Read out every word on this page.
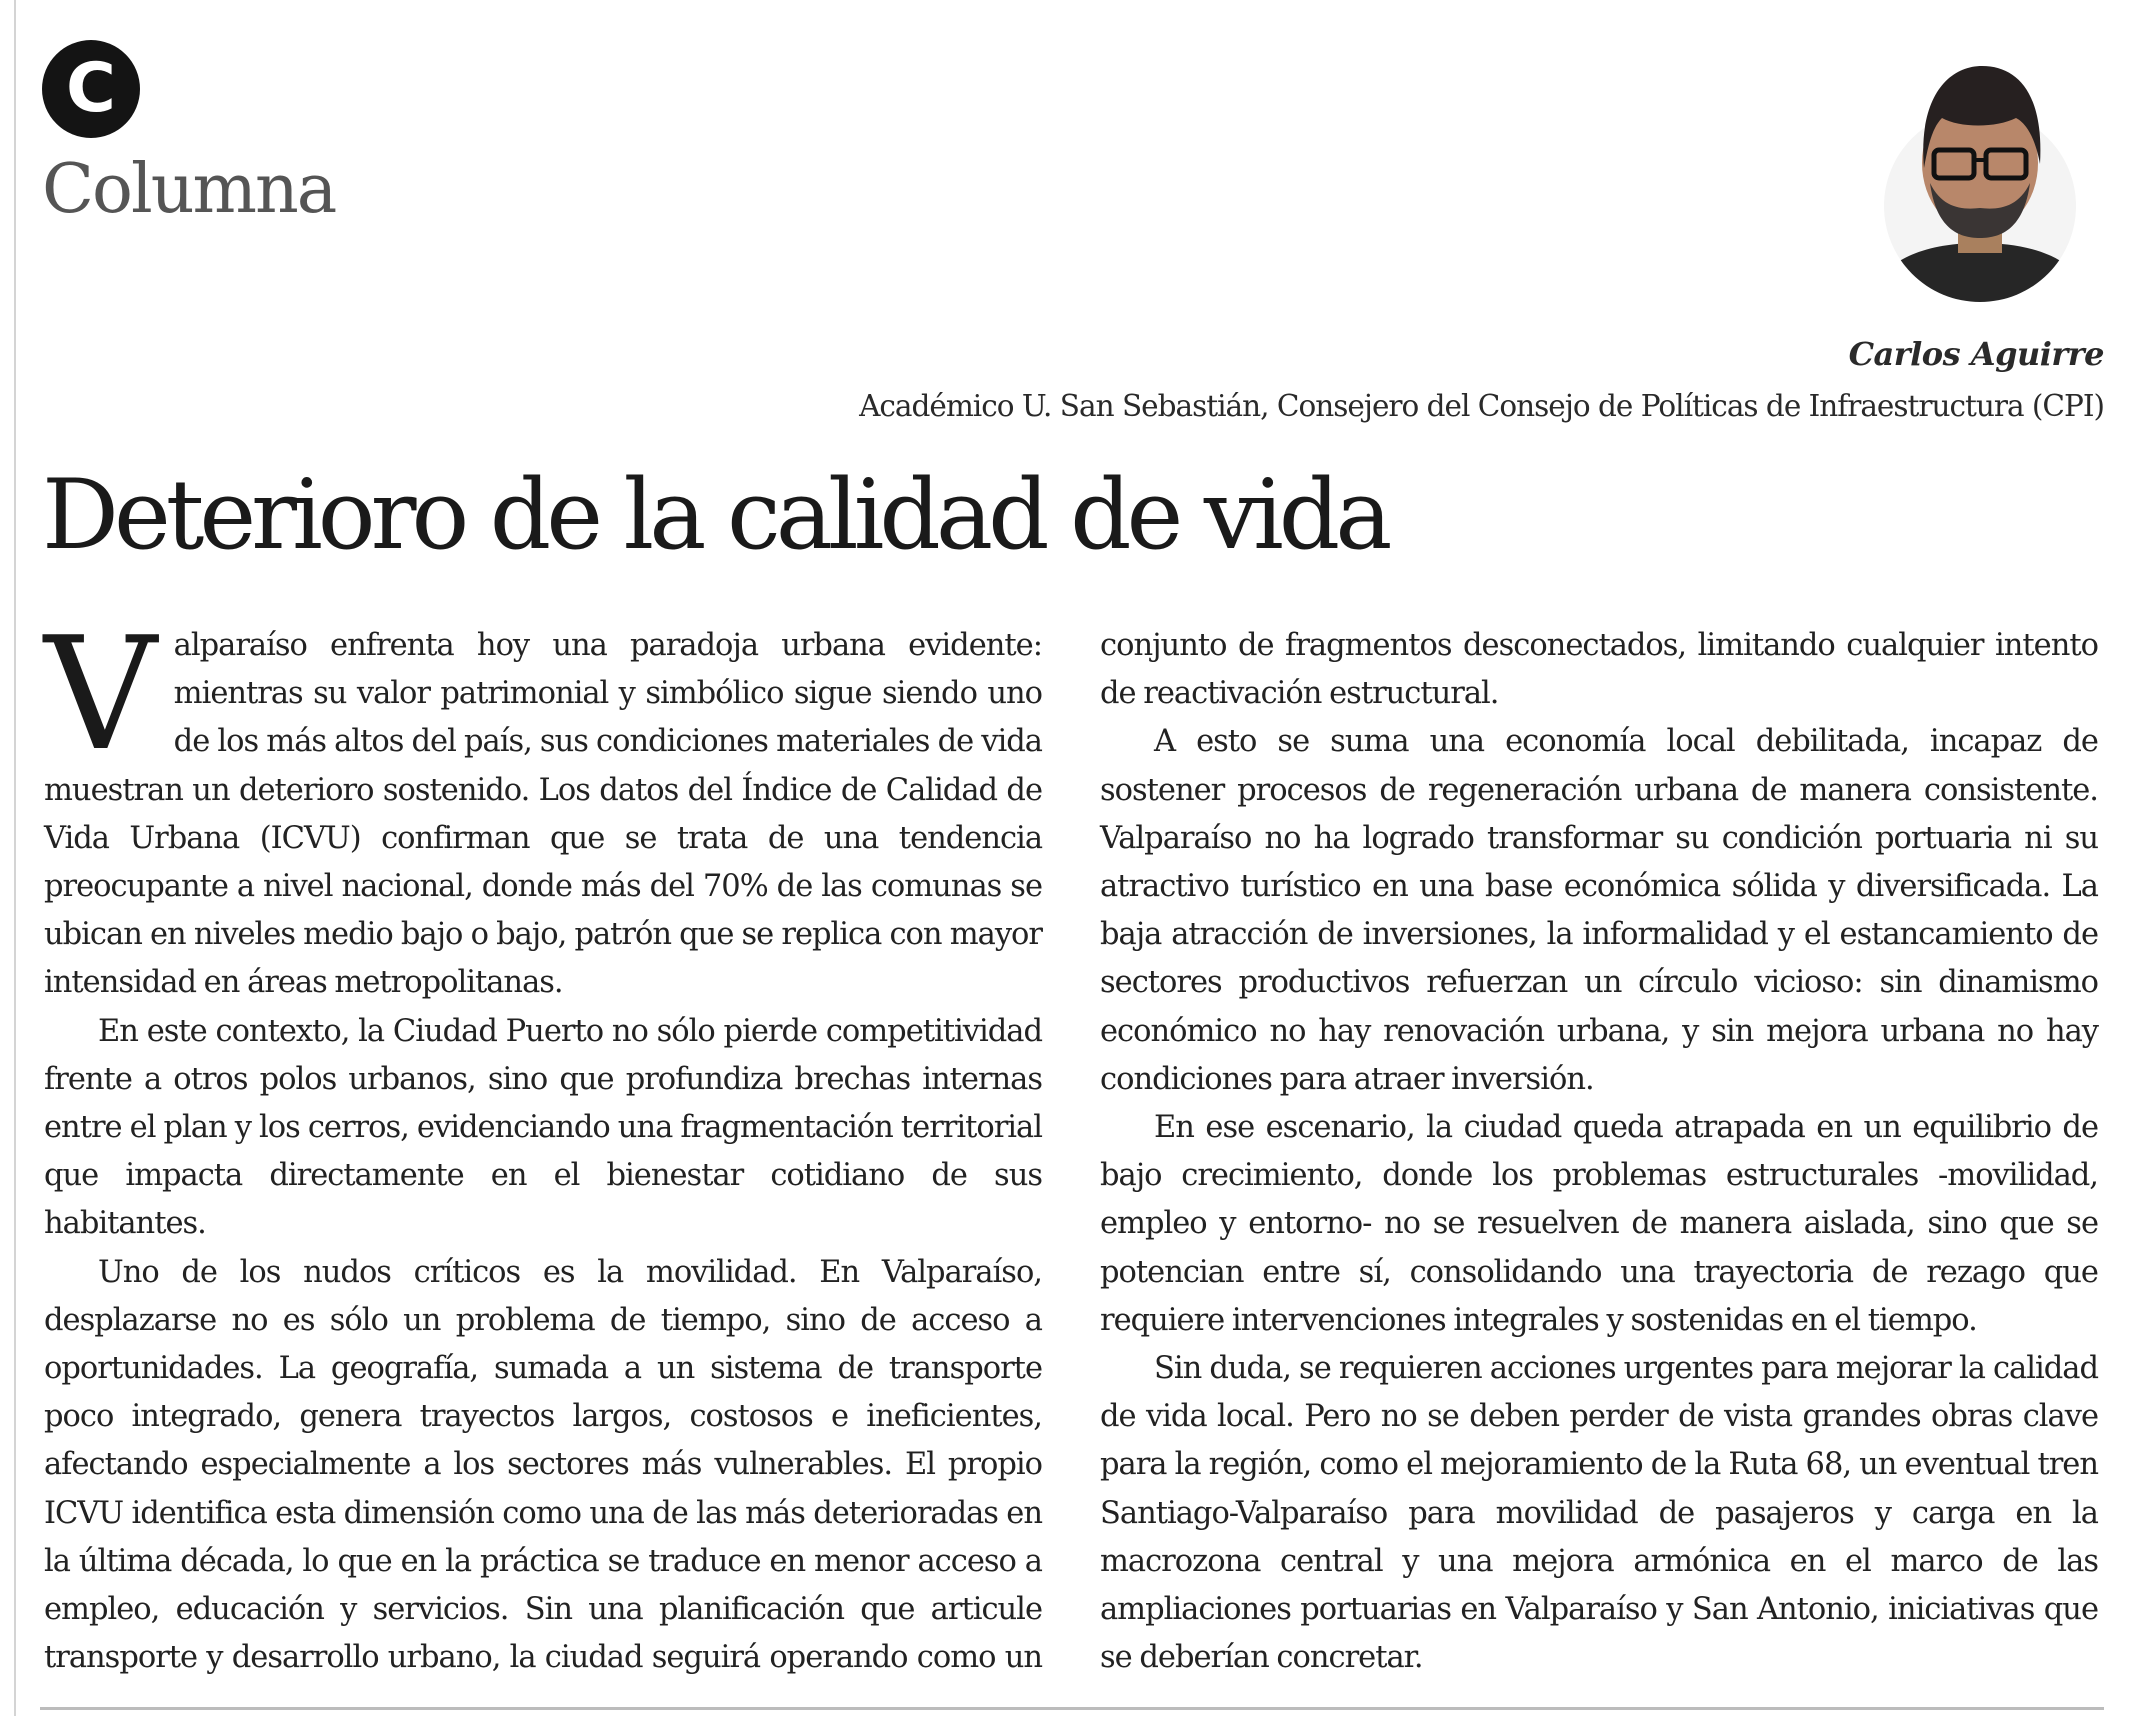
C
Columna
Carlos Aguirre
Académico U. San Sebastián, Consejero del Consejo de Políticas de Infraestructura (CPI)
Deterioro de la calidad de vida

Valparaíso enfrenta hoy una paradoja urbana evidente: mientras su valor patrimonial y simbólico sigue siendo uno de los más altos del país, sus condiciones materiales de vida muestran un deterioro sostenido. Los datos del Índice de Calidad de Vida Urbana (ICVU) confirman que se trata de una tendencia preocupante a nivel nacional, donde más del 70% de las comunas se ubican en niveles medio bajo o bajo, patrón que se replica con mayor intensidad en áreas metropolitanas.

En este contexto, la Ciudad Puerto no sólo pierde competitividad frente a otros polos urbanos, sino que profundiza brechas internas entre el plan y los cerros, evidenciando una fragmentación territorial que impacta directamente en el bienestar cotidiano de sus habitantes.

Uno de los nudos críticos es la movilidad. En Valparaíso, desplazarse no es sólo un problema de tiempo, sino de acceso a oportunidades. La geografía, sumada a un sistema de transporte poco integrado, genera trayectos largos, costosos e ineficientes, afectando especialmente a los sectores más vulnerables. El propio ICVU identifica esta dimensión como una de las más deterioradas en la última década, lo que en la práctica se traduce en menor acceso a empleo, educación y servicios. Sin una planificación que articule transporte y desarrollo urbano, la ciudad seguirá operando como un conjunto de fragmentos desconectados, limitando cualquier intento de reactivación estructural.

A esto se suma una economía local debilitada, incapaz de sostener procesos de regeneración urbana de manera consistente. Valparaíso no ha logrado transformar su condición portuaria ni su atractivo turístico en una base económica sólida y diversificada. La baja atracción de inversiones, la informalidad y el estancamiento de sectores productivos refuerzan un círculo vicioso: sin dinamismo económico no hay renovación urbana, y sin mejora urbana no hay condiciones para atraer inversión.

En ese escenario, la ciudad queda atrapada en un equilibrio de bajo crecimiento, donde los problemas estructurales -movilidad, empleo y entorno- no se resuelven de manera aislada, sino que se potencian entre sí, consolidando una trayectoria de rezago que requiere intervenciones integrales y sostenidas en el tiempo.

Sin duda, se requieren acciones urgentes para mejorar la calidad de vida local. Pero no se deben perder de vista grandes obras clave para la región, como el mejoramiento de la Ruta 68, un eventual tren Santiago-Valparaíso para movilidad de pasajeros y carga en la macrozona central y una mejora armónica en el marco de las ampliaciones portuarias en Valparaíso y San Antonio, iniciativas que se deberían concretar.
